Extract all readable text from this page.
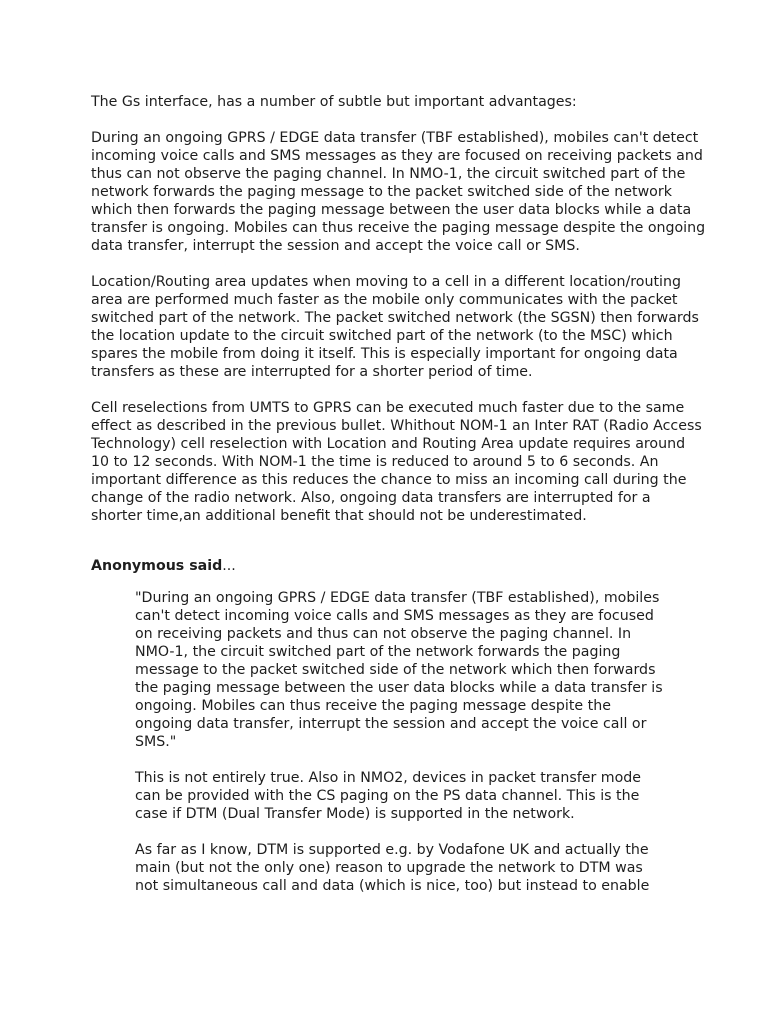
The Gs interface, has a number of subtle but important advantages:

During an ongoing GPRS / EDGE data transfer (TBF established), mobiles can't detect
incoming voice calls and SMS messages as they are focused on receiving packets and
thus can not observe the paging channel. In NMO-1, the circuit switched part of the
network forwards the paging message to the packet switched side of the network
which then forwards the paging message between the user data blocks while a data
transfer is ongoing. Mobiles can thus receive the paging message despite the ongoing
data transfer, interrupt the session and accept the voice call or SMS.
Location/Routing area updates when moving to a cell in a different location/routing
area are performed much faster as the mobile only communicates with the packet
switched part of the network. The packet switched network (the SGSN) then forwards
the location update to the circuit switched part of the network (to the MSC) which
spares the mobile from doing it itself. This is especially important for ongoing data
transfers as these are interrupted for a shorter period of time.
Cell reselections from UMTS to GPRS can be executed much faster due to the same
effect as described in the previous bullet. Whithout NOM-1 an Inter RAT (Radio Access
Technology) cell reselection with Location and Routing Area update requires around
10 to 12 seconds. With NOM-1 the time is reduced to around 5 to 6 seconds. An
important difference as this reduces the chance to miss an incoming call during the
change of the radio network. Also, ongoing data transfers are interrupted for a
shorter time,an additional benefit that should not be underestimated.
Anonymous said...
"During an ongoing GPRS / EDGE data transfer (TBF established), mobiles
can't detect incoming voice calls and SMS messages as they are focused
on receiving packets and thus can not observe the paging channel. In
NMO-1, the circuit switched part of the network forwards the paging
message to the packet switched side of the network which then forwards
the paging message between the user data blocks while a data transfer is
ongoing. Mobiles can thus receive the paging message despite the
ongoing data transfer, interrupt the session and accept the voice call or
SMS."
This is not entirely true. Also in NMO2, devices in packet transfer mode
can be provided with the CS paging on the PS data channel. This is the
case if DTM (Dual Transfer Mode) is supported in the network.
As far as I know, DTM is supported e.g. by Vodafone UK and actually the
main (but not the only one) reason to upgrade the network to DTM was
not simultaneous call and data (which is nice, too) but instead to enable
